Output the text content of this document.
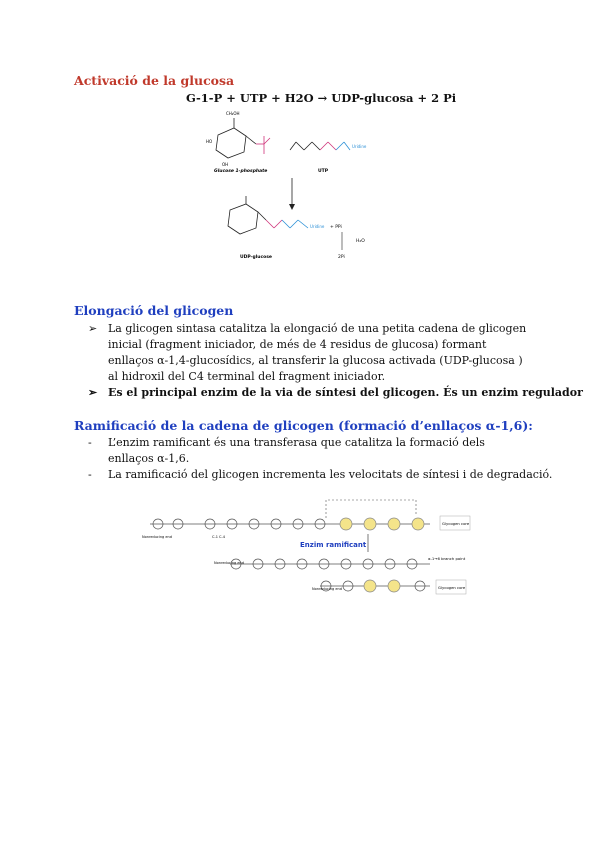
Activació de la glucosa
G-1-P + UTP + H2O → UDP-glucosa + 2 Pi
CH₂OH
HO
OH
Glucose 1-phosphate
Uridine
UTP
Uridine + PPi
H₂O
2Pi
UDP-glucose
Elongació del glicogen
➢ La glicogen sintasa catalitza la elongació de una petita cadena de glicogen inicial (fragment iniciador, de més de 4 residus de glucosa) formant enllaços α-1,4-glucosídics, al transferir la glucosa activada (UDP-glucosa ) al hidroxil del C4 terminal del fragment iniciador.
➢ Es el principal enzim de la via de síntesi del glicogen. És un enzim regulador
Ramificació de la cadena de glicogen (formació d’enllaços α-1,6):
- L’enzim ramificant és una transferasa que catalitza la formació dels enllaços α-1,6.
- La ramificació del glicogen incrementa les velocitats de síntesi i de degradació.
Nonreducing end	C-1 C-4
Glycogen core
Enzim ramificant
Nonreducing end
α-1→6 branch point
Nonreducing end	Glycogen core
